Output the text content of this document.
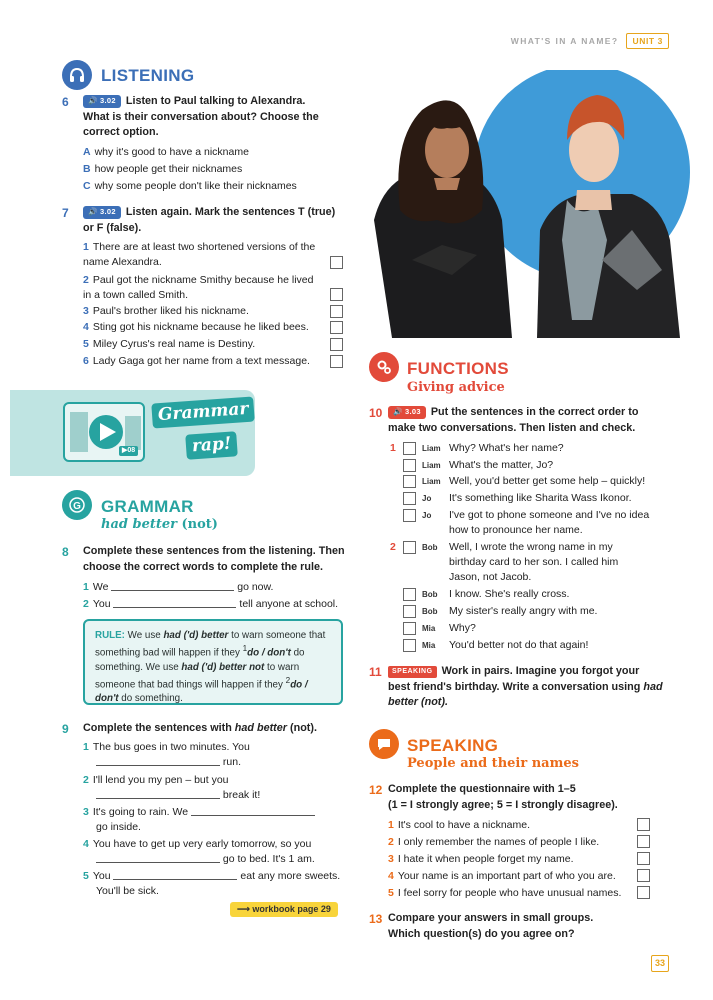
WHAT'S IN A NAME?	UNIT 3
LISTENING
6	🔊 3.02 Listen to Paul talking to Alexandra. What is their conversation about? Choose the correct option.
A why it's good to have a nickname
B how people get their nicknames
C why some people don't like their nicknames
7	🔊 3.02 Listen again. Mark the sentences T (true) or F (false).
1 There are at least two shortened versions of the name Alexandra.
2 Paul got the nickname Smithy because he lived in a town called Smith.
3 Paul's brother liked his nickname.
4 Sting got his nickname because he liked bees.
5 Miley Cyrus's real name is Destiny.
6 Lady Gaga got her name from a text message.
▶08
Grammar
rap!
G GRAMMAR
had better (not)
8 Complete these sentences from the listening. Then choose the correct words to complete the rule.
1 We	go now.
2 You	tell anyone at school.
RULE: We use had ('d) better to warn someone that something bad will happen if they $^1$do / don't do something. We use had ('d) better not to warn someone that bad things will happen if they $^2$do / don't do something.
9 Complete the sentences with had better (not).
1 The bus goes in two minutes. You
run.
2 I'll lend you my pen – but you
break it!
3 It's going to rain. We
go inside.
4 You have to get up very early tomorrow, so you
go to bed. It's 1 am.
5 You	eat any more sweets.
You'll be sick.
⟶ workbook page 29
FUNCTIONS
Giving advice
10	🔊 3.03 Put the sentences in the correct order to make two conversations. Then listen and check.
1	Liam Why? What's her name?
Liam What's the matter, Jo?
Liam Well, you'd better get some help – quickly!
Jo It's something like Sharita Wass Ikonor.
Jo I've got to phone someone and I've no idea how to pronounce her name.
2	Bob Well, I wrote the wrong name in my birthday card to her son. I called him Jason, not Jacob.
Bob I know. She's really cross.
Bob My sister's really angry with me.
Mia Why?
Mia You'd better not do that again!
11	SPEAKING Work in pairs. Imagine you forgot your best friend's birthday. Write a conversation using had better (not).
SPEAKING
People and their names
12 Complete the questionnaire with 1–5
(1 = I strongly agree; 5 = I strongly disagree).
1 It's cool to have a nickname.
2 I only remember the names of people I like.
3 I hate it when people forget my name.
4 Your name is an important part of who you are.
5 I feel sorry for people who have unusual names.
13 Compare your answers in small groups. Which question(s) do you agree on?
33
